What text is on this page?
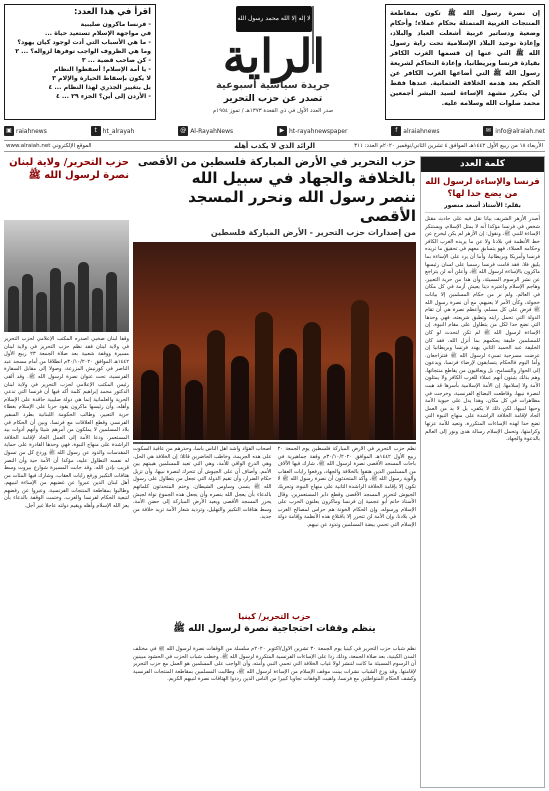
اقرأ في هذا العدد:
- فرنسا ماكرون صليبية
في مواجهة الإسلام تستعيد حياة ...
- ما هي الأسباب التي أدت لوجود كيان يهود؟
وما هي الظروف الواجب توفرها لزواله؟ ... ٢
- كن صاحب قضية ... ٣
- يا أمة الإسلام! أسقطوا النظام
لا يكون بإسقاط الحيارة والإلام ٣
بل بتغيير الجذري لهذا النظام ... ٤
- الأردن إلى أين؟ الجزء ٢٩ ... ٤
لا إله إلا الله محمد رسول الله
الراية
جريدة سياسية أسبوعية
تصدر عن حزب التحرير
صدر العدد الأول في ذي القعدة ١٣٧٣هـ / تموز ١٩٥٤م

إن نصرة رسول الله ﷺ تكون بمقاطعة المنتجات الغربية المتمثلة بحكام عملاء؛ وأحكام وضعية ودساتير غربية أشعلت العباد والبلاد، وإعادة توحيد البلاد الإسلامية تحت راية رسول الله ﷺ التي عنها إن قسمها الغرب الكافر بقيادة فرنسا وبريطانيا، وإعادة التحاكم لشريعة رسول الله ﷺ التي أضاعها الغرب الكافر عن الحكم بعد هدمه الخلافة العثمانية. عندها فقط لن يتكرر مشهد الإساءة لسيد البشر أجمعين محمد صلوات الله وسلامه عليه.

▣ raiahnews	t ht_alrayah	@ Al-RayahNews	▶ ht-rayahnewspaper	f alraiahnews	✉ info@alraiah.net
الأربعاء ١٨ من ربيع الأول ١٤٤٢هـ الموافق ٤ تشرين الثاني/نوفمبر ٢٠٢٠م العدد: ٣١١
الرائد الذي لا يكذب أهله
www.alraiah.net الموقع الإلكتروني
كلمة العدد
فرنسا والإساءة لرسول الله من يضع حدا لها؟
بقلم: الأستاذ أسعد منصور
أصدر الأزهر الشريف بيانا نقل فيه على حادث مقتل شخص في فرنسا مؤكدا أنه لا يمثل الإسلام، ويستنكر الإساءة للنبي ﷺ، ونقول: إن الأزهر لم يكن ليخرج عن خط الأنظمة في بلادنا ولا عن ما يريده الغرب الكافر وحكامه العملاء، فهو يتسابق معهم في تحقيق ما تريده فرنسا وأمريكا وبريطانيا، وأما أن يرد على الإساءة بما يليق فلا. فقد قامت فرنسا رسميا على لسان رئيسها ماكرون بالإساءة لرسول الله ﷺ، وأعلن أنه لن يتراجع عن نشر الرسوم المسيئة، وأن هذا من حرية التعبير، وهاجم الإسلام واعتبره دينا يعيش أزمة في كل مكان في العالم. ولم نر من حكام المسلمين إلا بيانات خجولة، وكأن الأمر لا يعنيهم، مع أن نصرة رسول الله ﷺ فرض على كل مسلم، وأعظم نصرة هي أن تقام الدولة التي تحمل رايته وتطبق شريعته، فهي وحدها التي تضع حدا لكل من يتطاول على مقام النبوة. إن الإساءة لرسول الله ﷺ لم تكن لتحدث لو كان للمسلمين خليفة يحكمهم بما أنزل الله، فقد كان الخليفة عبد الحميد الثاني يهدد فرنسا وبريطانيا إن عرضت مسرحية تسيء لرسول الله ﷺ فتتراجعان. وأما اليوم فالحكام يتسابقون لإرضاء فرنسا، ويدعون إلى الحوار والتسامح، بل ويعاقبون من يقاطع منتجاتها، وهم بذلك يثبتون أنهم عملاء للغرب الكافر ولا يمثلون الأمة ولا إسلامها. إن الأمة الإسلامية بأسرها قد هبت لنصرة نبيها، وقاطعت البضائع الفرنسية، وخرجت في مظاهرات في كل مكان، وهذا يدل على حيوية الأمة وحبها لنبيها، لكن ذلك لا يكفي، بل لا بد من العمل الجاد لإقامة الخلافة الراشدة على منهاج النبوة التي تضع حدا لهذه الإساءات المتكررة، وتعيد للأمة عزتها وكرامتها، وتحمل الإسلام رسالة هدى ونور إلى العالم بالدعوة والجهاد.
حزب التحرير في الأرض المباركة فلسطين من الأقصى
بالخلافة والجهاد في سبيل الله
ننصر رسول الله ونحرر المسجد الأقصى
من إصدارات حزب التحرير - الأرض المباركة فلسطين
نظم حزب التحرير في الأرض المباركة فلسطين يوم الجمعة ٢٠ ربيع الأول ١٤٤٢هـ الموافق ٣٠/١٠/٢٠٢٠م وقفة جماهيرية في باحات المسجد الأقصى نصرة لرسول الله ﷺ، شارك فيها الآلاف من المسلمين الذين هتفوا بالخلافة والجهاد، ورفعوا رايات العقاب وألوية رسول الله ﷺ، وأكد المتحدثون أن نصرة رسول الله ﷺ لا تكون إلا بإقامة الخلافة الراشدة الثانية على منهاج النبوة، وتحريك الجيوش لتحرير المسجد الأقصى وقطع دابر المستعمرين. وقال الأستاذ حاتم أبو عجمية إن فرنسا وماكرون يعلنون الحرب على الإسلام ورسوله، وإن الحكام الخونة هم حراس لمصالح الغرب في بلادنا، وإن الأمة لن تتحرر إلا باقتلاع هذه الأنظمة وإقامة دولة الإسلام التي تحمي بيضة المسلمين وتذود عن نبيهم.
أصحاب الفؤاد وأشد أهل الناس بأسا، وحذرهم من عاقبة السكوت على هذه الجريمة، وخاطب الحاضرين قائلا: إن الخلافة هي الحل، وهي الدرع الواقي للأمة، وهي التي تعيد للمسلمين هيبتهم بين الأمم. وأضاف أن على الجيوش أن تتحرك لنصرة نبيها، وأن تزيل حكام الضرار، وأن تقيم الدولة التي تجعل من يتطاول على رسول الله ﷺ ينسى وساوس الشيطان. وختم المتحدثون كلماتهم بالدعاء بأن يعجل الله بنصره وأن يجعل هذه الجموع نواة لجيش يحرر المسجد الأقصى ويعيد الأرض المباركة إلى حضن الأمة، وسط هتافات التكبير والتهليل، وترديد شعار الأمة تريد خلافة من جديد.
حزب التحرير/ كينيا
ينظم وقفات احتجاجية نصرة لرسول الله ﷺ
نظم شباب حزب التحرير في كينيا يوم الجمعة ٣٠ تشرين الأول/أكتوبر ٢٠٢٠م سلسلة من الوقفات نصرة لرسول الله ﷺ في مختلف المدن الكينية، بعد صلاة الجمعة، وذلك ردا على الإساءات الفرنسية المتكررة لرسول الله ﷺ. وخطب شباب الحزب في الحشود مبينين أن الرسوم المسيئة ما كانت لتنشر لولا غياب الخلافة التي تحمي النبي وأمته، وأن الواجب على المسلمين هو العمل مع حزب التحرير لإقامتها. وقد وزع الشباب نشرات بينت موقف الإسلام من الإساءة لرسول الله ﷺ، وطالبت المسلمين بمقاطعة المنتجات الفرنسية وكشف الحكام المتواطئين مع فرنسا، ولقيت الوقفات تجاوبا كبيرا من الناس الذين رددوا الهتافات نصرة لنبيهم الكريم.
حزب التحرير/ ولاية لبنان نصرة لرسول الله ﷺ
وقفا لبنان صخبي أصدره المكتب الإعلامي لحزب التحرير في ولاية لبنان فقد نظم حزب التحرير في ولاية لبنان مسيرة ووقفة شعبية بعد صلاة الجمعة ٢٣ ربيع الأول ١٤٤٢هـ الموافق ٣٠/١٠/٢٠٢٠م انطلاقا من أمام مسجد عبد الناصر في كورنيش المزرعة، وصولا إلى مقابل السفارة الفرنسية، تحت عنوان نصرة لرسول الله ﷺ. وقد ألقى رئيس المكتب الإعلامي لحزب التحرير في ولاية لبنان الدكتور محمد إبراهيم كلمة أكد فيها أن فرنسا التي تدعي الحرية والعلمانية إنما هي دولة صليبية حاقدة على الإسلام وأهله، وأن رئيسها ماكرون يقود حربا على الإسلام بغطاء حرية التعبير، وطالب الحكومة اللبنانية بطرد السفير الفرنسي وقطع العلاقات مع فرنسا، وبين أن الحكام في بلاد المسلمين لا يملكون من أمرهم شيئا وأنهم أدوات بيد المستعمر. ودعا الأمة إلى العمل الجاد لإقامة الخلافة الراشدة على منهاج النبوة، فهي وحدها القادرة على حماية المقدسات والذود عن رسول الله ﷺ وردع كل من تسول له نفسه التطاول عليه، مؤكدا أن الأمة حية وأن النصر قريب بإذن الله. وقد جابت المسيرة شوارع بيروت وسط هتافات التكبير ورفع رايات العقاب، وشارك فيها المئات من أهل لبنان الذين عبروا عن غضبهم من الإساءة لنبيهم، وطالبوا بمقاطعة المنتجات الفرنسية، وعبروا عن رفضهم لتبعية الحكام لفرنسا والغرب، وختمت الوقفة بالدعاء بأن يعز الله الإسلام وأهله ويقيم دولته عاجلا غير آجل.
